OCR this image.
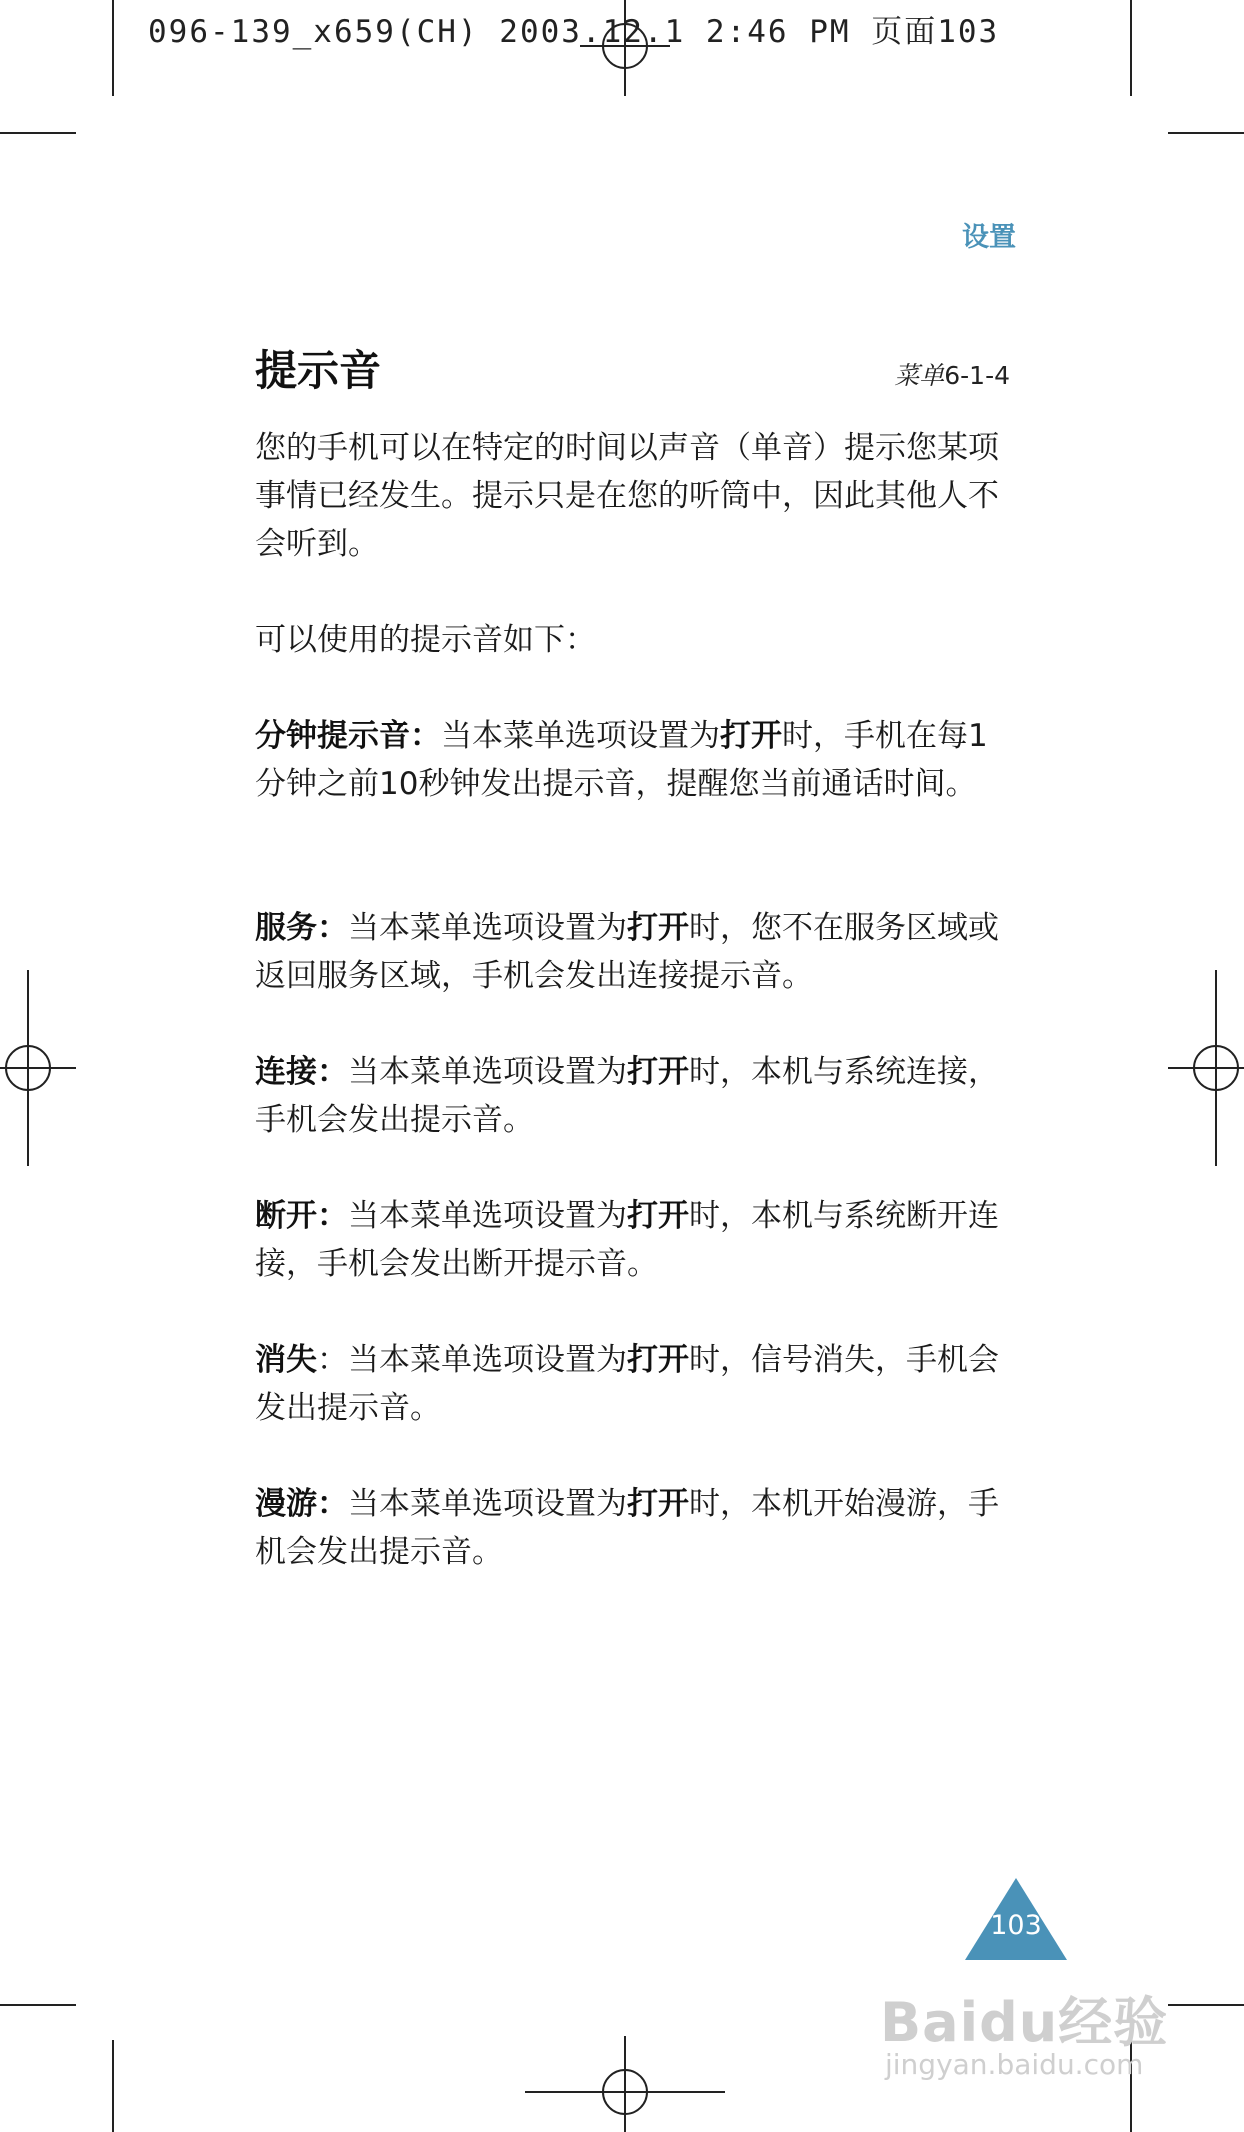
096-139_x659(CH) 2003.12.1 2:46 PM 页面103
设置
提示音	菜单6-1-4
您的手机可以在特定的时间以声音（单音）提示您某项事情已经发生。提示只是在您的听筒中，因此其他人不会听到。
可以使用的提示音如下：
分钟提示音：当本菜单选项设置为打开时，手机在每1分钟之前10秒钟发出提示音，提醒您当前通话时间。
服务：当本菜单选项设置为打开时，您不在服务区域或返回服务区域，手机会发出连接提示音。
连接：当本菜单选项设置为打开时，本机与系统连接，手机会发出提示音。
断开：当本菜单选项设置为打开时，本机与系统断开连接，手机会发出断开提示音。
消失：当本菜单选项设置为打开时，信号消失，手机会发出提示音。
漫游：当本菜单选项设置为打开时，本机开始漫游，手机会发出提示音。
103
Baidu经验
jingyan.baidu.com
